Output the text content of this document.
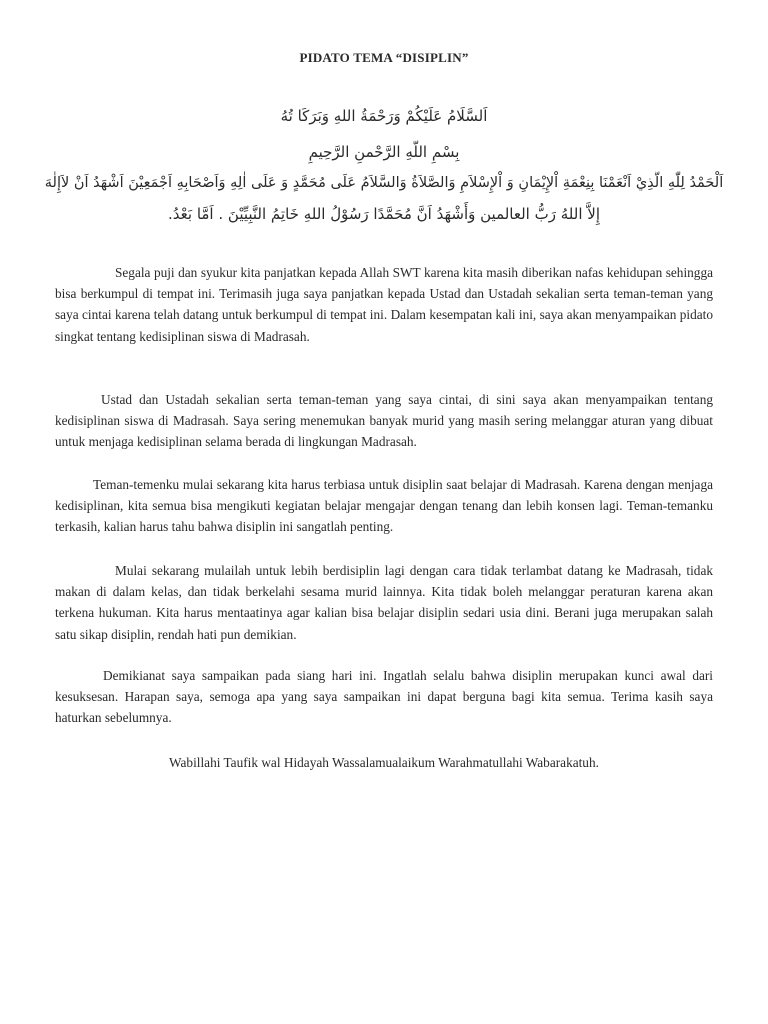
PIDATO TEMA “DISIPLIN”
اَلسَّلَامُ عَلَيْكُمْ وَرَحْمَةُ اللهِ وَبَرَكَا تُهُ
بِسْمِ اللَّهِ الرَّحْمنِ الرَّحِيمِ
اَلْحَمْدُ لِلّٰهِ الَّذِيْ اَنْعَمْنَا بِنِعْمَةِ اْلإِيْمَانِ وَ اْلإِسْلاَمِ وَالصَّلاَةُ وَالسَّلاَمُ عَلَى مُحَمَّدٍ وَ عَلَى اٰلِهِ وَاَصْحَابِهِ اَجْمَعِيْنَ اَشْهَدُ اَنْ لاَإِلٰهَ
إِلاَّ اللهُ رَبُّ العالمين وَأَشْهَدُ اَنَّ مُحَمَّدًا رَسُوْلُ اللهِ خَاتِمُ النَّبِيِّيْنَ . اَمَّا بَعْدُ.

Segala puji dan syukur kita panjatkan kepada Allah SWT karena kita masih diberikan nafas kehidupan sehingga bisa berkumpul di tempat ini. Terimasih juga saya panjatkan kepada Ustad dan Ustadah sekalian serta teman-teman yang saya cintai karena telah datang untuk berkumpul di tempat ini. Dalam kesempatan kali ini, saya akan menyampaikan pidato singkat tentang kedisiplinan siswa di Madrasah.

Ustad dan Ustadah sekalian serta teman-teman yang saya cintai, di sini saya akan menyampaikan tentang kedisiplinan siswa di Madrasah. Saya sering menemukan banyak murid yang masih sering melanggar aturan yang dibuat untuk menjaga kedisiplinan selama berada di lingkungan Madrasah.

Teman-temenku mulai sekarang kita harus terbiasa untuk disiplin saat belajar di Madrasah. Karena dengan menjaga kedisiplinan, kita semua bisa mengikuti kegiatan belajar mengajar dengan tenang dan lebih konsen lagi. Teman-temanku terkasih, kalian harus tahu bahwa disiplin ini sangatlah penting.

Mulai sekarang mulailah untuk lebih berdisiplin lagi dengan cara tidak terlambat datang ke Madrasah, tidak makan di dalam kelas, dan tidak berkelahi sesama murid lainnya. Kita tidak boleh melanggar peraturan karena akan terkena hukuman. Kita harus mentaatinya agar kalian bisa belajar disiplin sedari usia dini. Berani juga merupakan salah satu sikap disiplin, rendah hati pun demikian.

Demikianat saya sampaikan pada siang hari ini. Ingatlah selalu bahwa disiplin merupakan kunci awal dari kesuksesan. Harapan saya, semoga apa yang saya sampaikan ini dapat berguna bagi kita semua. Terima kasih saya haturkan sebelumnya.

Wabillahi Taufik wal Hidayah Wassalamualaikum Warahmatullahi Wabarakatuh.
